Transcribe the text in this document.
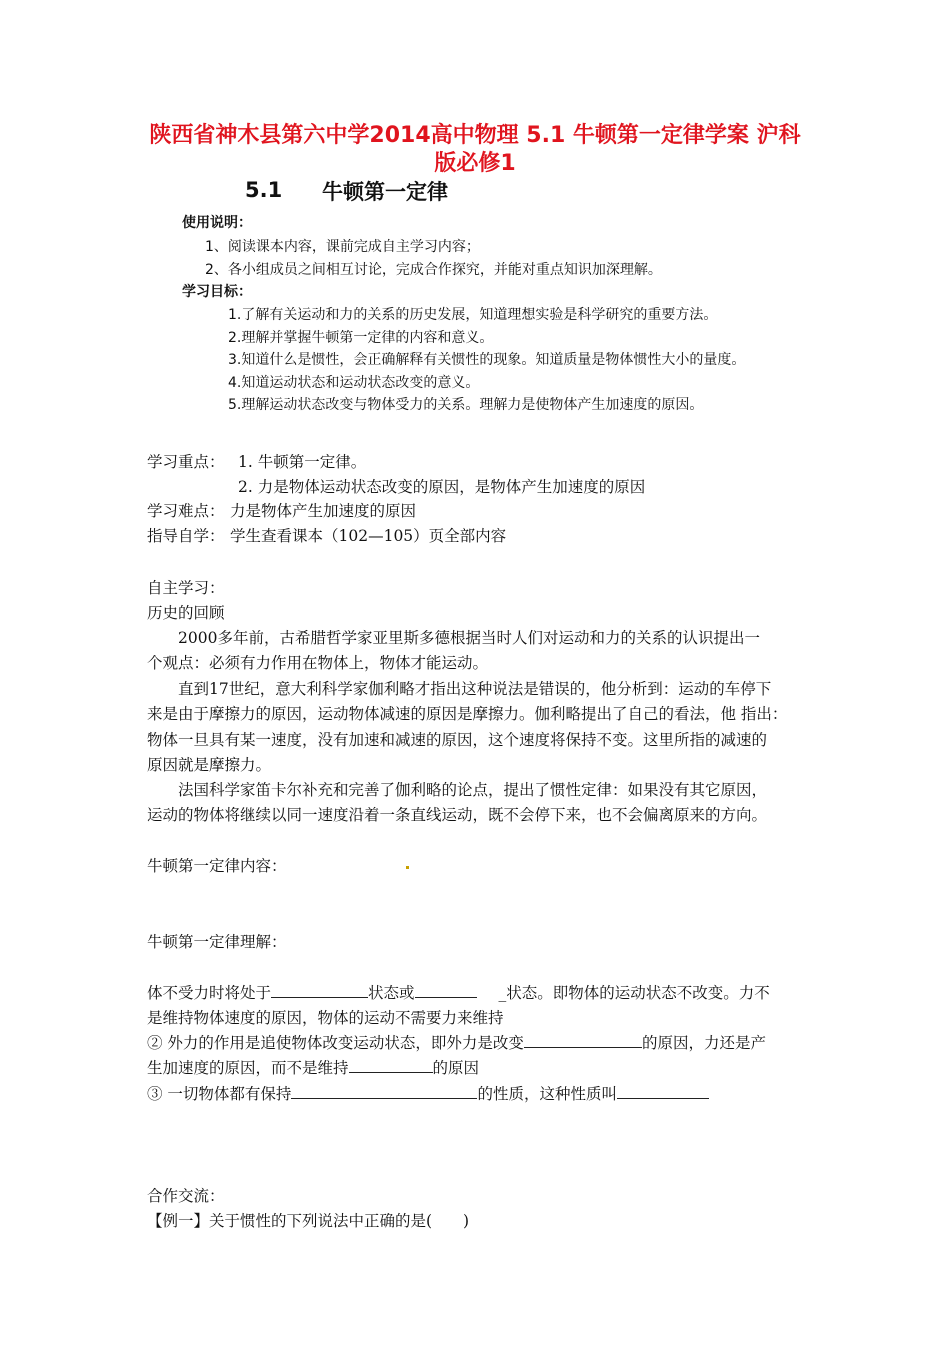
陕西省神木县第六中学2014高中物理 5.1 牛顿第一定律学案 沪科
版必修1
5.1 牛顿第一定律
使用说明：
1、阅读课本内容，课前完成自主学习内容；
2、各小组成员之间相互讨论，完成合作探究，并能对重点知识加深理解。
学习目标：
1.了解有关运动和力的关系的历史发展，知道理想实验是科学研究的重要方法。
2.理解并掌握牛顿第一定律的内容和意义。
3.知道什么是惯性，会正确解释有关惯性的现象。知道质量是物体惯性大小的量度。
4.知道运动状态和运动状态改变的意义。
5.理解运动状态改变与物体受力的关系。理解力是使物体产生加速度的原因。
学习重点： 1. 牛顿第一定律。
2. 力是物体运动状态改变的原因，是物体产生加速度的原因
学习难点： 力是物体产生加速度的原因
指导自学： 学生查看课本（102—105）页全部内容
自主学习：
历史的回顾
2000多年前，古希腊哲学家亚里斯多德根据当时人们对运动和力的关系的认识提出一
个观点：必须有力作用在物体上，物体才能运动。
直到17世纪，意大利科学家伽利略才指出这种说法是错误的，他分析到：运动的车停下
来是由于摩擦力的原因，运动物体减速的原因是摩擦力。伽利略提出了自己的看法，他 指出：
物体一旦具有某一速度，没有加速和减速的原因，这个速度将保持不变。这里所指的减速的
原因就是摩擦力。
法国科学家笛卡尔补充和完善了伽利略的论点，提出了惯性定律：如果没有其它原因，
运动的物体将继续以同一速度沿着一条直线运动，既不会停下来，也不会偏离原来的方向。
牛顿第一定律内容：
牛顿第一定律理解：
体不受力时将处于	状态或	_状态。即物体的运动状态不改变。力不
是维持物体速度的原因，物体的运动不需要力来维持
② 外力的作用是追使物体改变运动状态，即外力是改变	的原因，力还是产
生加速度的原因，而不是维持	的原因
③ 一切物体都有保持	的性质，这种性质叫
合作交流：
【例一】关于惯性的下列说法中正确的是(　　)
